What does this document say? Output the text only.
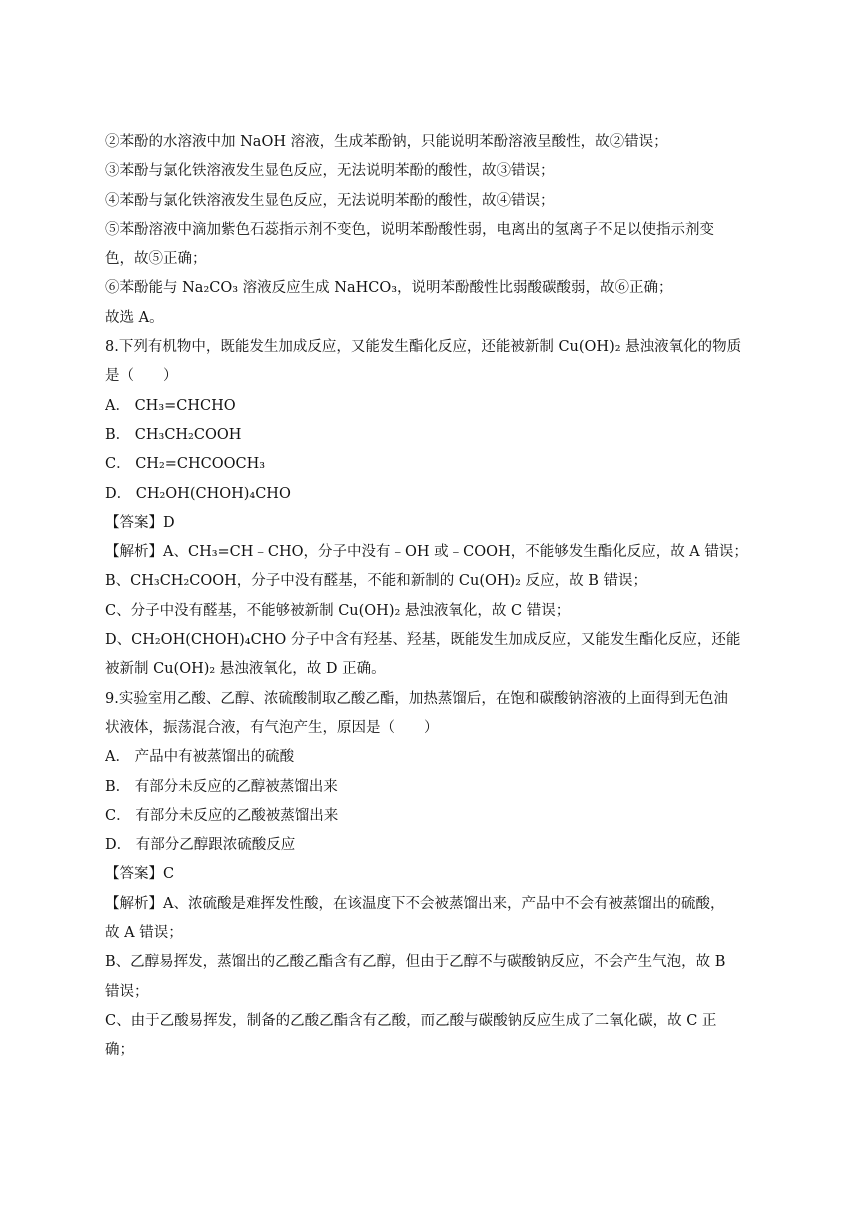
②苯酚的水溶液中加 NaOH 溶液，生成苯酚钠，只能说明苯酚溶液呈酸性，故②错误；
③苯酚与氯化铁溶液发生显色反应，无法说明苯酚的酸性，故③错误；
④苯酚与氯化铁溶液发生显色反应，无法说明苯酚的酸性，故④错误；
⑤苯酚溶液中滴加紫色石蕊指示剂不变色，说明苯酚酸性弱，电离出的氢离子不足以使指示剂变
色，故⑤正确；
⑥苯酚能与 Na₂CO₃ 溶液反应生成 NaHCO₃，说明苯酚酸性比弱酸碳酸弱，故⑥正确；
故选 A。
8.下列有机物中，既能发生加成反应，又能发生酯化反应，还能被新制 Cu(OH)₂ 悬浊液氧化的物质
是（　　）
A． CH₃=CHCHO
B． CH₃CH₂COOH
C． CH₂=CHCOOCH₃
D． CH₂OH(CHOH)₄CHO
【答案】D
【解析】A、CH₃=CH﹣CHO，分子中没有﹣OH 或﹣COOH，不能够发生酯化反应，故 A 错误；
B、CH₃CH₂COOH，分子中没有醛基，不能和新制的 Cu(OH)₂ 反应，故 B 错误；
C、分子中没有醛基，不能够被新制 Cu(OH)₂ 悬浊液氧化，故 C 错误；
D、CH₂OH(CHOH)₄CHO 分子中含有羟基、羟基，既能发生加成反应，又能发生酯化反应，还能
被新制 Cu(OH)₂ 悬浊液氧化，故 D 正确。
9.实验室用乙酸、乙醇、浓硫酸制取乙酸乙酯，加热蒸馏后，在饱和碳酸钠溶液的上面得到无色油
状液体，振荡混合液，有气泡产生，原因是（　　）
A． 产品中有被蒸馏出的硫酸
B． 有部分未反应的乙醇被蒸馏出来
C． 有部分未反应的乙酸被蒸馏出来
D． 有部分乙醇跟浓硫酸反应
【答案】C
【解析】A、浓硫酸是难挥发性酸，在该温度下不会被蒸馏出来，产品中不会有被蒸馏出的硫酸，
故 A 错误；
B、乙醇易挥发，蒸馏出的乙酸乙酯含有乙醇，但由于乙醇不与碳酸钠反应，不会产生气泡，故 B
错误；
C、由于乙酸易挥发，制备的乙酸乙酯含有乙酸，而乙酸与碳酸钠反应生成了二氧化碳，故 C 正
确；
